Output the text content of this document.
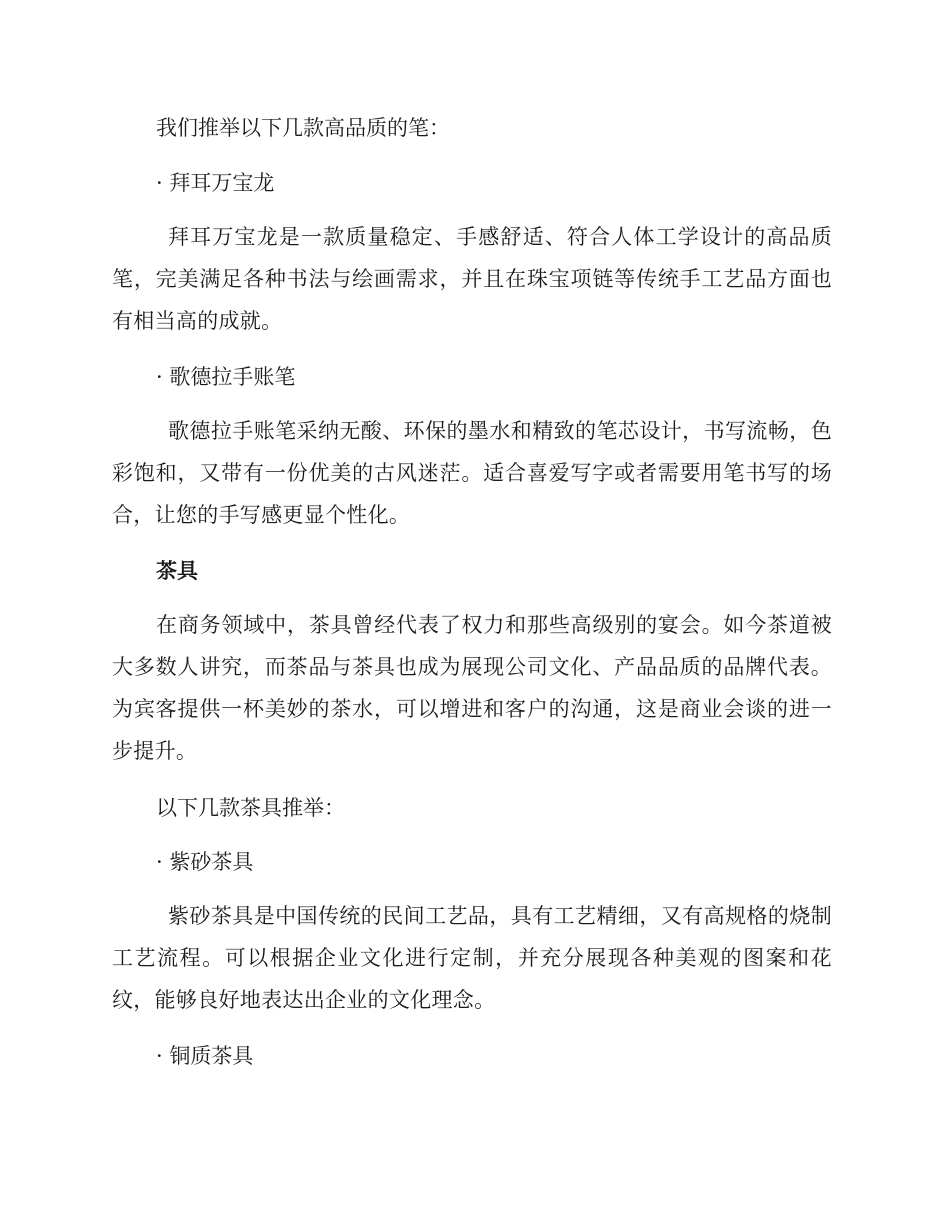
我们推举以下几款高品质的笔：
· 拜耳万宝龙
拜耳万宝龙是一款质量稳定、手感舒适、符合人体工学设计的高品质笔，完美满足各种书法与绘画需求，并且在珠宝项链等传统手工艺品方面也有相当高的成就。
· 歌德拉手账笔
歌德拉手账笔采纳无酸、环保的墨水和精致的笔芯设计，书写流畅，色彩饱和，又带有一份优美的古风迷茫。适合喜爱写字或者需要用笔书写的场合，让您的手写感更显个性化。
茶具
在商务领域中，茶具曾经代表了权力和那些高级别的宴会。如今茶道被大多数人讲究，而茶品与茶具也成为展现公司文化、产品品质的品牌代表。为宾客提供一杯美妙的茶水，可以增进和客户的沟通，这是商业会谈的进一步提升。
以下几款茶具推举：
· 紫砂茶具
紫砂茶具是中国传统的民间工艺品，具有工艺精细，又有高规格的烧制工艺流程。可以根据企业文化进行定制，并充分展现各种美观的图案和花纹，能够良好地表达出企业的文化理念。
· 铜质茶具
